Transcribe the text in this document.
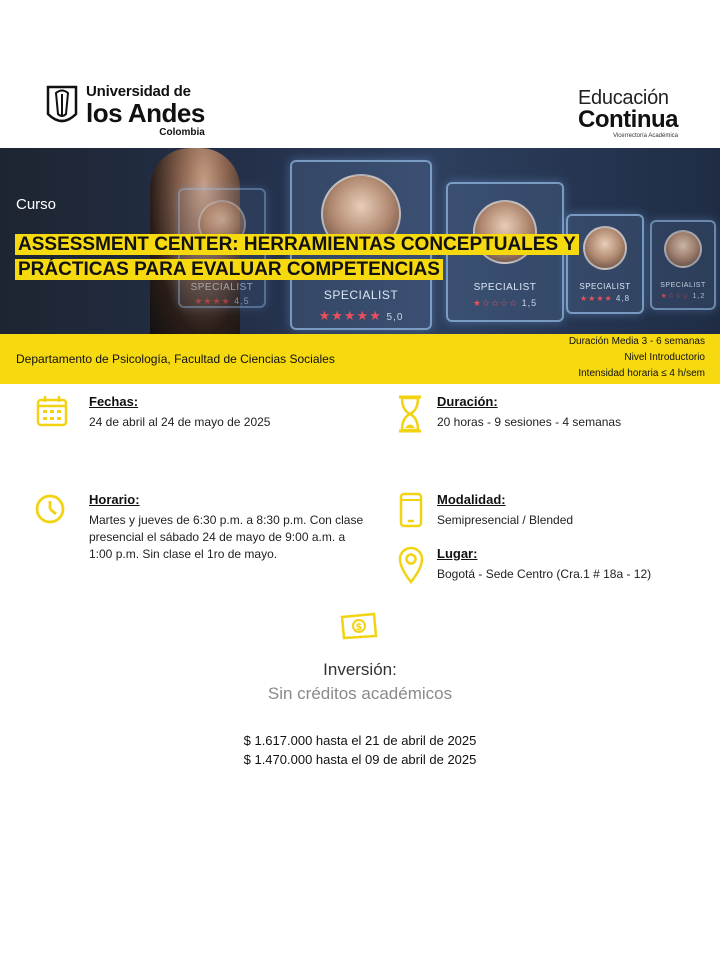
Universidad de
los Andes
Colombia
Educación
Continua
Vicerrectoría Académica
SPECIALIST
★★★★ 4,5	SPECIALIST
★★★★★ 5,0
SPECIALIST
★☆☆☆☆ 1,5
SPECIALIST
★★★★ 4,8
SPECIALIST
★☆☆☆ 1,2
Curso
ASSESSMENT CENTER: HERRAMIENTAS CONCEPTUALES Y PRÁCTICAS PARA EVALUAR COMPETENCIAS
Departamento de Psicología, Facultad de Ciencias Sociales
Duración Media 3 - 6 semanas
Nivel Introductorio
Intensidad horaria ≤ 4 h/sem
Fechas:
24 de abril al 24 de mayo de 2025
Duración:
20 horas - 9 sesiones - 4 semanas
Horario:
Martes y jueves de 6:30 p.m. a 8:30 p.m. Con clase presencial el sábado 24 de mayo de 9:00 a.m. a 1:00 p.m. Sin clase el 1ro de mayo.
Modalidad:
Semipresencial / Blended
Lugar:
Bogotá - Sede Centro (Cra.1 # 18a - 12)
$
Inversión:
Sin créditos académicos
$ 1.617.000 hasta el 21 de abril de 2025
$ 1.470.000 hasta el 09 de abril de 2025
